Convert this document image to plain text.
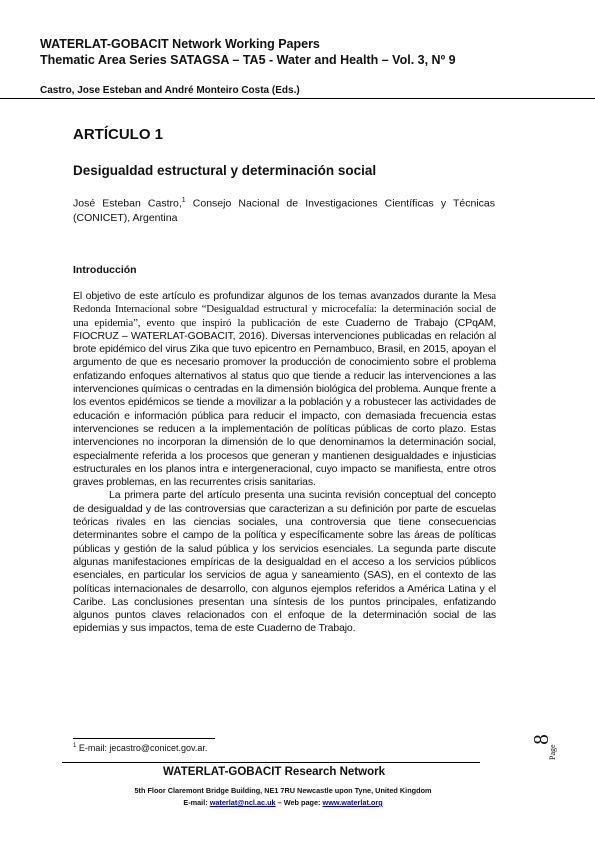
WATERLAT-GOBACIT Network Working Papers
Thematic Area Series SATAGSA – TA5 - Water and Health – Vol. 3, Nº 9
Castro, Jose Esteban and André Monteiro Costa (Eds.)
ARTÍCULO 1
Desigualdad estructural y determinación social
José Esteban Castro,$^1$ Consejo Nacional de Investigaciones Científicas y Técnicas (CONICET), Argentina
Introducción

El objetivo de este artículo es profundizar algunos de los temas avanzados durante la Mesa Redonda Internacional sobre “Desigualdad estructural y microcefalía: la determinación social de una epidemia”, evento que inspiró la publicación de este Cuaderno de Trabajo (CPqAM, FIOCRUZ – WATERLAT-GOBACIT, 2016). Diversas intervenciones publicadas en relación al brote epidémico del virus Zika que tuvo epicentro en Pernambuco, Brasil, en 2015, apoyan el argumento de que es necesario promover la producción de conocimiento sobre el problema enfatizando enfoques alternativos al status quo que tiende a reducir las intervenciones a las intervenciones químicas o centradas en la dimensión biológica del problema. Aunque frente a los eventos epidémicos se tiende a movilizar a la población y a robustecer las actividades de educación e información pública para reducir el impacto, con demasiada frecuencia estas intervenciones se reducen a la implementación de políticas públicas de corto plazo. Estas intervenciones no incorporan la dimensión de lo que denominamos la determinación social, especialmente referida a los procesos que generan y mantienen desigualdades e injusticias estructurales en los planos intra e intergeneracional, cuyo impacto se manifiesta, entre otros graves problemas, en las recurrentes crisis sanitarias.

La primera parte del artículo presenta una sucinta revisión conceptual del concepto de desigualdad y de las controversias que caracterizan a su definición por parte de escuelas teóricas rivales en las ciencias sociales, una controversia que tiene consecuencias determinantes sobre el campo de la política y específicamente sobre las áreas de políticas públicas y gestión de la salud pública y los servicios esenciales. La segunda parte discute algunas manifestaciones empíricas de la desigualdad en el acceso a los servicios públicos esenciales, en particular los servicios de agua y saneamiento (SAS), en el contexto de las políticas internacionales de desarrollo, con algunos ejemplos referidos a América Latina y el Caribe. Las conclusiones presentan una síntesis de los puntos principales, enfatizando algunos puntos claves relacionados con el enfoque de la determinación social de las epidemias y sus impactos, tema de este Cuaderno de Trabajo.

$^1$ E-mail: jecastro@conicet.gov.ar.
8
Page
WATERLAT-GOBACIT Research Network
5th Floor Claremont Bridge Building, NE1 7RU Newcastle upon Tyne, United Kingdom
E-mail: waterlat@ncl.ac.uk – Web page: www.waterlat.org
